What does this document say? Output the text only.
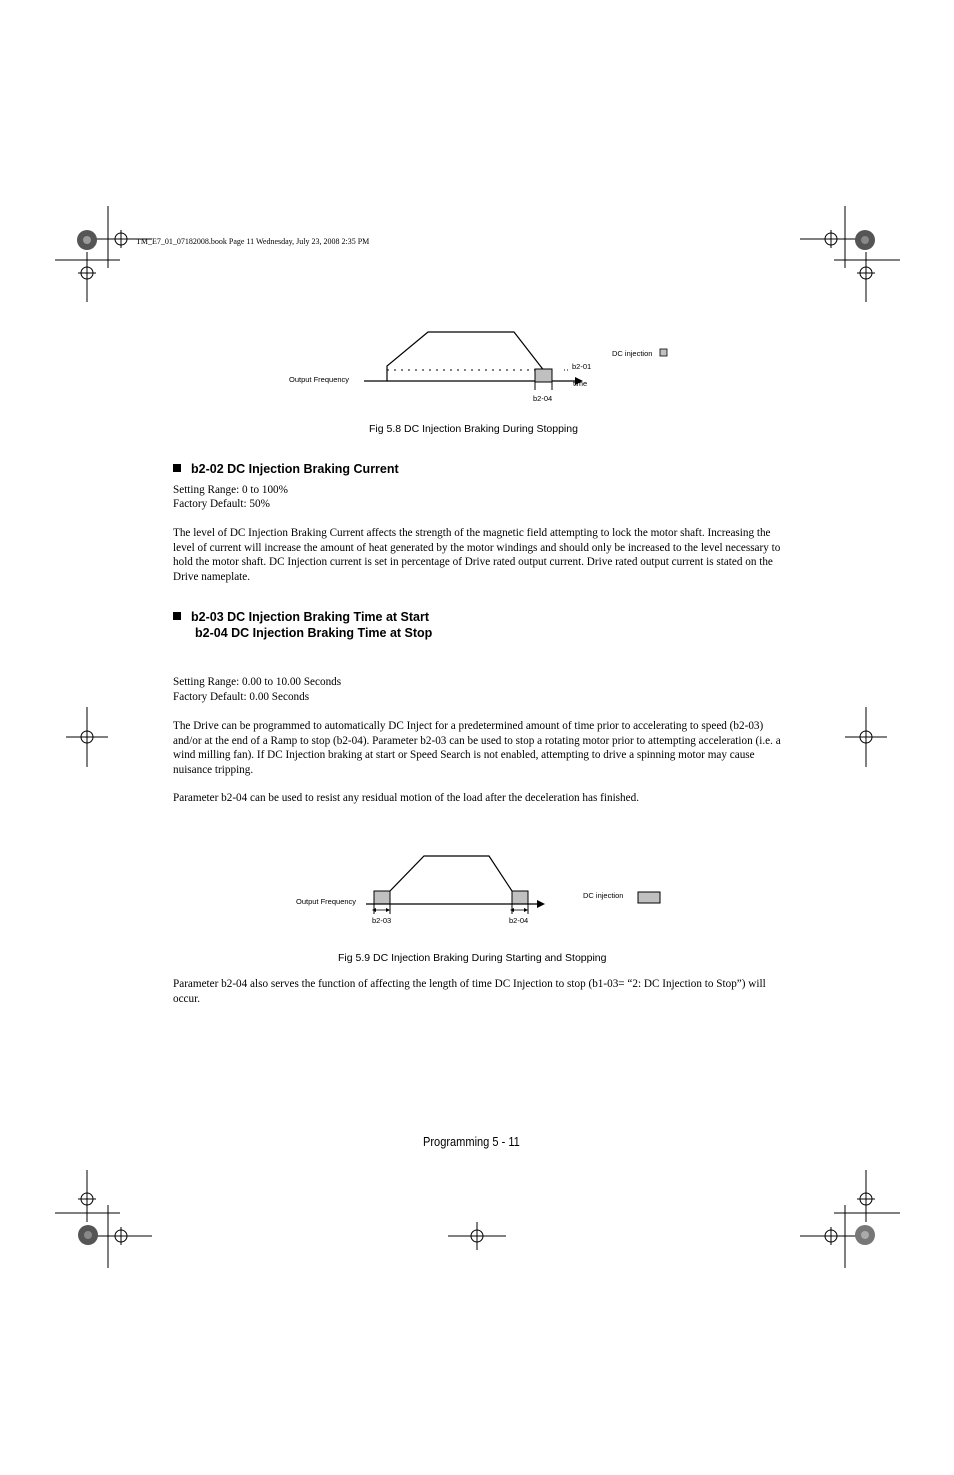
TM_E7_01_07182008.book Page 11 Wednesday, July 23, 2008 2:35 PM
Output Frequency
DC injection
b2-01
time
b2-04
Fig 5.8 DC Injection Braking During Stopping
b2-02 DC Injection Braking Current
Setting Range: 0 to 100%
Factory Default: 50%
The level of DC Injection Braking Current affects the strength of the magnetic field attempting to lock the motor shaft. Increasing the level of current will increase the amount of heat generated by the motor windings and should only be increased to the level necessary to hold the motor shaft. DC Injection current is set in percentage of Drive rated output current. Drive rated output current is stated on the Drive nameplate.
b2-03 DC Injection Braking Time at Start
b2-04 DC Injection Braking Time at Stop
Setting Range: 0.00 to 10.00 Seconds
Factory Default: 0.00 Seconds
The Drive can be programmed to automatically DC Inject for a predetermined amount of time prior to accelerating to speed (b2-03) and/or at the end of a Ramp to stop (b2-04). Parameter b2-03 can be used to stop a rotating motor prior to attempting acceleration (i.e. a wind milling fan). If DC Injection braking at start or Speed Search is not enabled, attempting to drive a spinning motor may cause nuisance tripping.
Parameter b2-04 can be used to resist any residual motion of the load after the deceleration has finished.
Output Frequency
DC injection
b2-03	b2-04
Fig 5.9 DC Injection Braking During Starting and Stopping
Parameter b2-04 also serves the function of affecting the length of time DC Injection to stop (b1-03= “2: DC Injection to Stop”) will occur.
Programming 5 - 11
